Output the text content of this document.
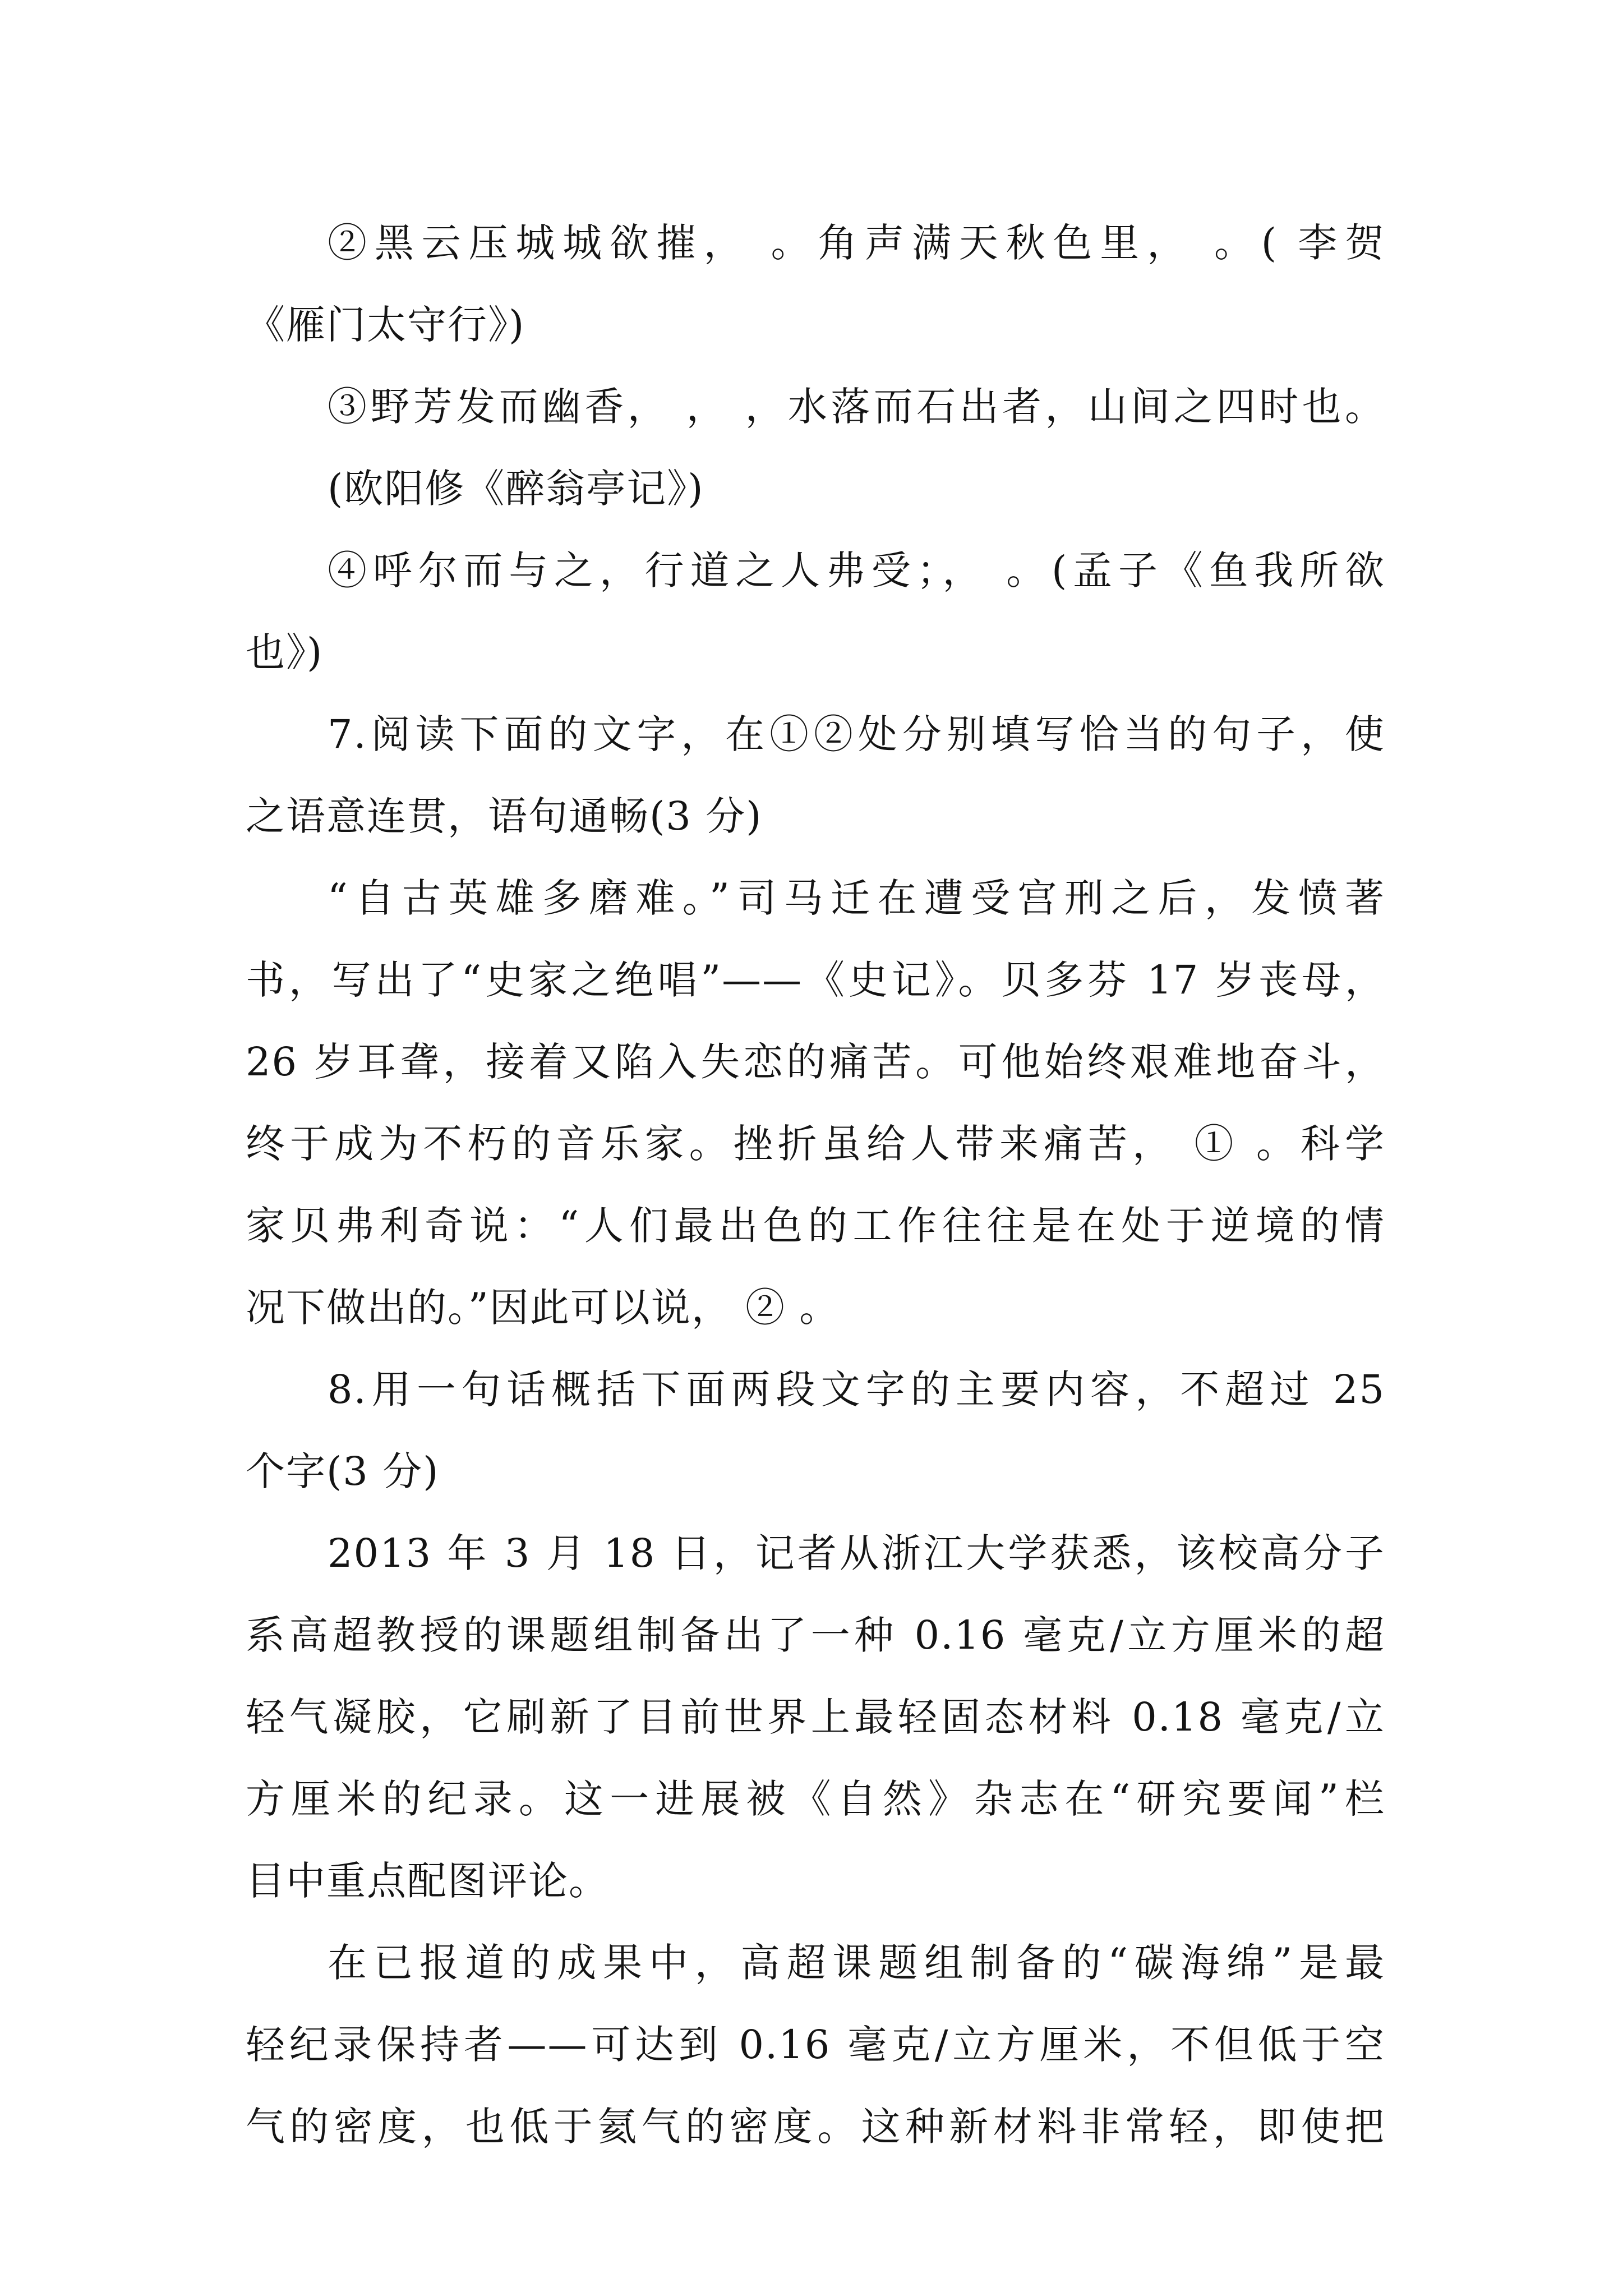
②黑云压城城欲摧， 。角声满天秋色里， 。( 李贺
《雁门太守行》)
③野芳发而幽香， ， ，水落而石出者，山间之四时也。
(欧阳修《醉翁亭记》)
④呼尔而与之，行道之人弗受；， 。(孟子《鱼我所欲
也》)
7.阅读下面的文字，在①②处分别填写恰当的句子，使
之语意连贯，语句通畅(3 分)
“自古英雄多磨难。”司马迁在遭受宫刑之后，发愤著
书，写出了“史家之绝唱”——《史记》。贝多芬 17 岁丧母，
26 岁耳聋，接着又陷入失恋的痛苦。可他始终艰难地奋斗，
终于成为不朽的音乐家。挫折虽给人带来痛苦， ① 。科学
家贝弗利奇说：“人们最出色的工作往往是在处于逆境的情
况下做出的。”因此可以说， ② 。
8.用一句话概括下面两段文字的主要内容，不超过 25
个字(3 分)
2013 年 3 月 18 日，记者从浙江大学获悉，该校高分子
系高超教授的课题组制备出了一种 0.16 毫克/立方厘米的超
轻气凝胶，它刷新了目前世界上最轻固态材料 0.18 毫克/立
方厘米的纪录。这一进展被《自然》杂志在“研究要闻”栏
目中重点配图评论。
在已报道的成果中，高超课题组制备的“碳海绵”是最
轻纪录保持者——可达到 0.16 毫克/立方厘米，不但低于空
气的密度，也低于氦气的密度。这种新材料非常轻，即使把
